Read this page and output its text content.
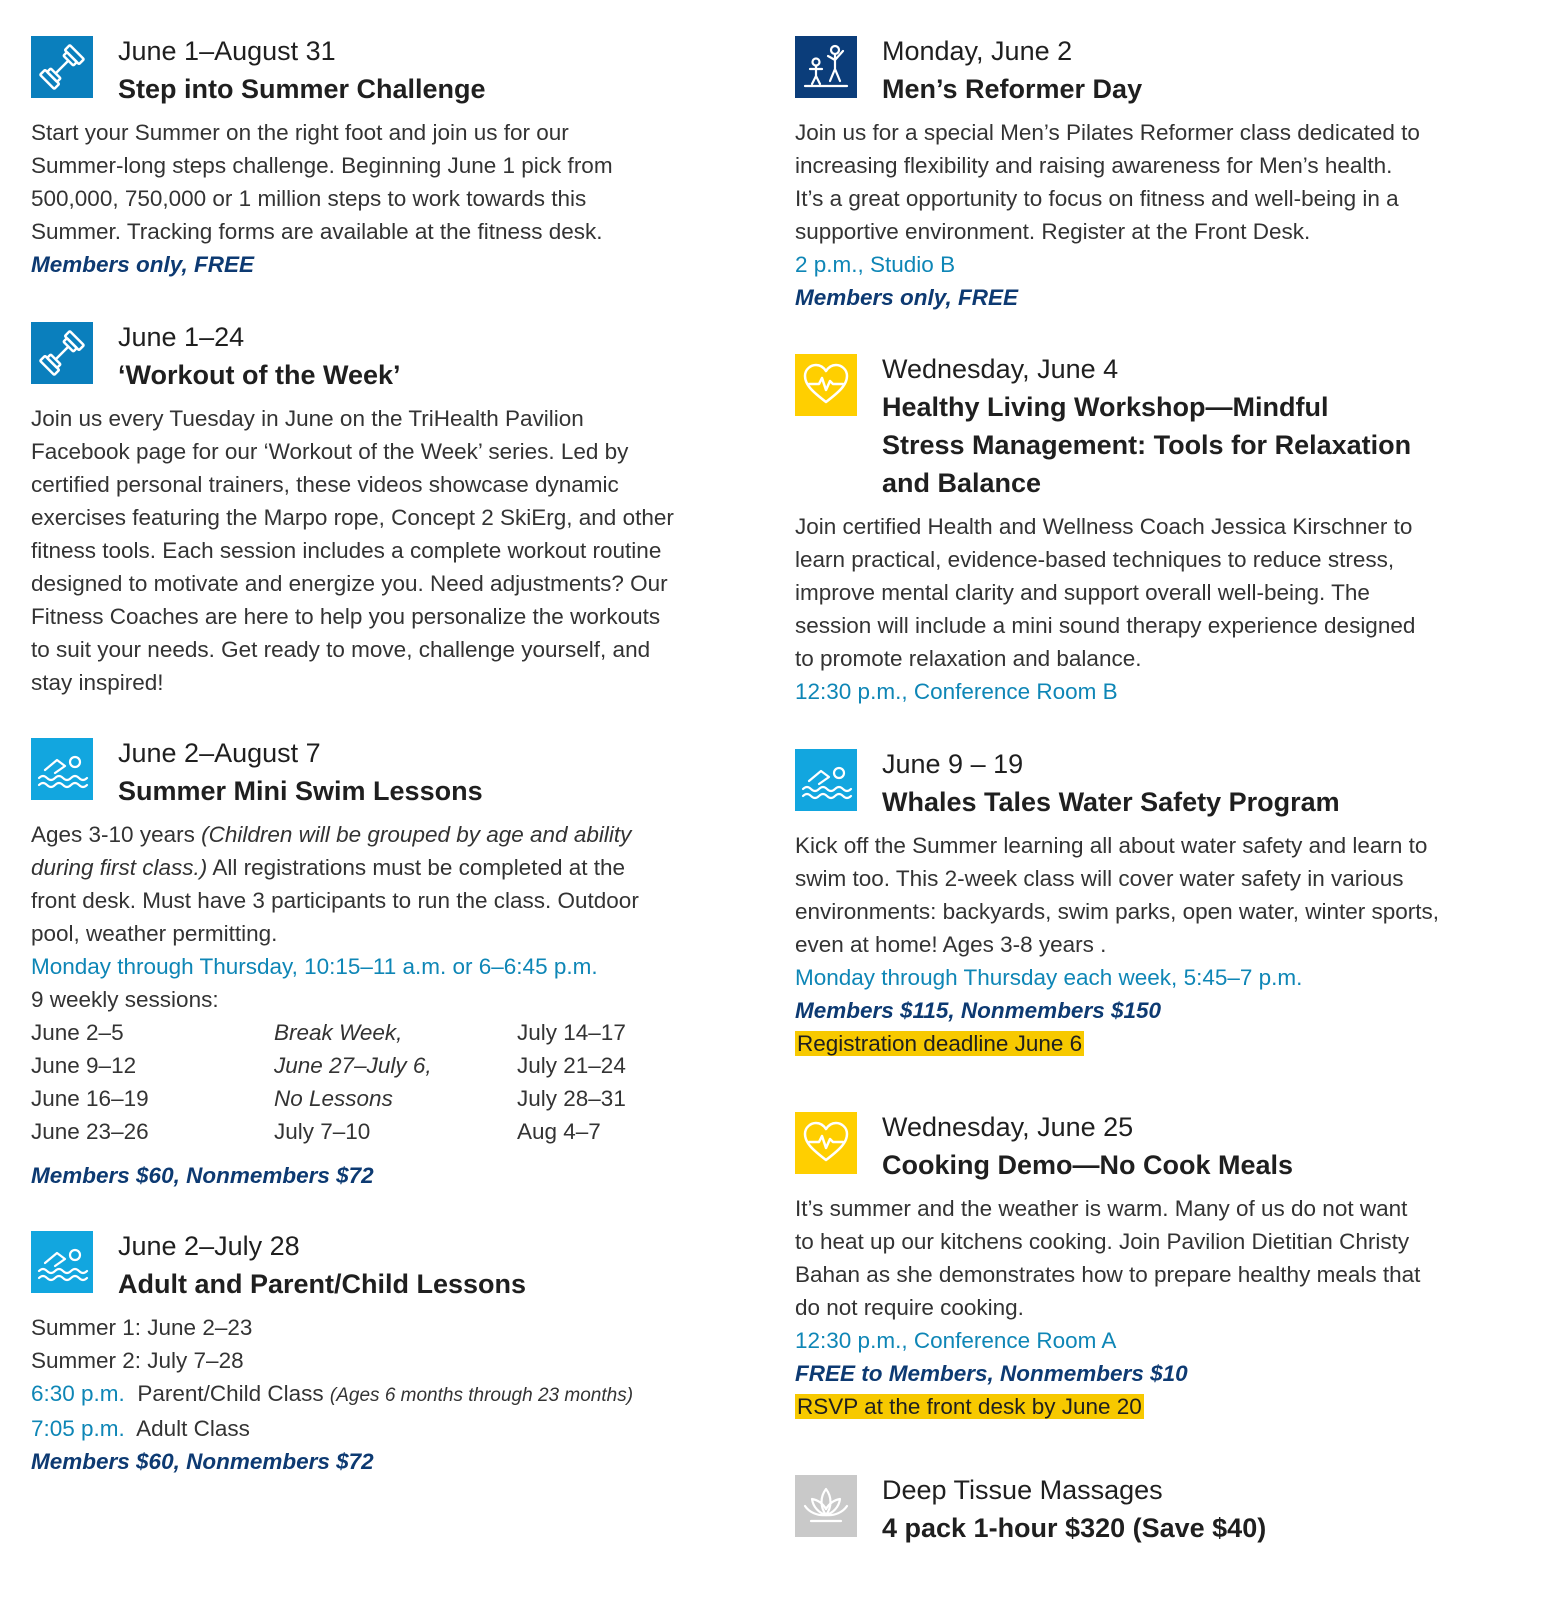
June 1–August 31
Step into Summer Challenge

Start your Summer on the right foot and join us for our

Summer-long steps challenge. Beginning June 1 pick from

500,000, 750,000 or 1 million steps to work towards this

Summer. Tracking forms are available at the fitness desk.

Members only, FREE

June 1–24
‘Workout of the Week’

Join us every Tuesday in June on the TriHealth Pavilion

Facebook page for our ‘Workout of the Week’ series. Led by

certified personal trainers, these videos showcase dynamic

exercises featuring the Marpo rope, Concept 2 SkiErg, and other

fitness tools. Each session includes a complete workout routine

designed to motivate and energize you. Need adjustments? Our

Fitness Coaches are here to help you personalize the workouts

to suit your needs. Get ready to move, challenge yourself, and

stay inspired!

June 2–August 7
Summer Mini Swim Lessons

Ages 3-10 years (Children will be grouped by age and ability

during first class.) All registrations must be completed at the

front desk. Must have 3 participants to run the class. Outdoor

pool, weather permitting.

Monday through Thursday, 10:15–11 a.m. or 6–6:45 p.m.

9 weekly sessions:

June 2–5
June 9–12
June 16–19
June 23–26
Break Week,
June 27–July 6,
No Lessons
July 7–10
July 14–17
July 21–24
July 28–31
Aug 4–7

Members $60, Nonmembers $72

June 2–July 28
Adult and Parent/Child Lessons

Summer 1: June 2–23

Summer 2: July 7–28

6:30 p.m.  Parent/Child Class (Ages 6 months through 23 months)

7:05 p.m.  Adult Class

Members $60, Nonmembers $72

Monday, June 2
Men’s Reformer Day

Join us for a special Men’s Pilates Reformer class dedicated to

increasing flexibility and raising awareness for Men’s health.

It’s a great opportunity to focus on fitness and well-being in a

supportive environment. Register at the Front Desk.

2 p.m., Studio B

Members only, FREE

Wednesday, June 4
Healthy Living Workshop—Mindful
Stress Management: Tools for Relaxation
and Balance

Join certified Health and Wellness Coach Jessica Kirschner to

learn practical, evidence-based techniques to reduce stress,

improve mental clarity and support overall well-being. The

session will include a mini sound therapy experience designed

to promote relaxation and balance.

12:30 p.m., Conference Room B

June 9 – 19
Whales Tales Water Safety Program

Kick off the Summer learning all about water safety and learn to

swim too. This 2-week class will cover water safety in various

environments: backyards, swim parks, open water, winter sports,

even at home! Ages 3-8 years .

Monday through Thursday each week, 5:45–7 p.m.

Members $115, Nonmembers $150

Registration deadline June 6

Wednesday, June 25
Cooking Demo—No Cook Meals

It’s summer and the weather is warm. Many of us do not want

to heat up our kitchens cooking. Join Pavilion Dietitian Christy

Bahan as she demonstrates how to prepare healthy meals that

do not require cooking.

12:30 p.m., Conference Room A

FREE to Members, Nonmembers $10

RSVP at the front desk by June 20

Deep Tissue Massages
4 pack 1-hour $320 (Save $40)
